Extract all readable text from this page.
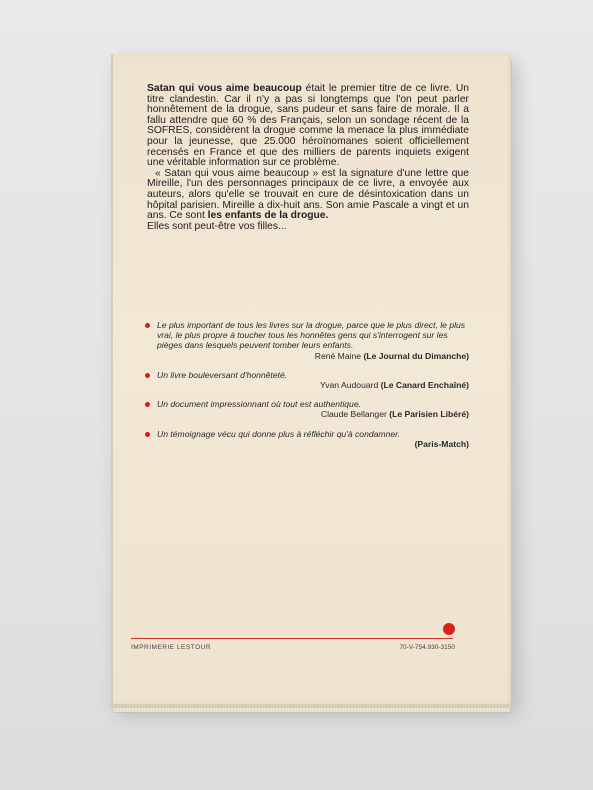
Satan qui vous aime beaucoup était le premier titre de ce livre. Un titre clandestin. Car il n'y a pas si longtemps que l'on peut parler honnêtement de la drogue, sans pudeur et sans faire de morale. Il a fallu attendre que 60 % des Français, selon un sondage récent de la SOFRES, considèrent la drogue comme la menace la plus immédiate pour la jeunesse, que 25.000 héroïnomanes soient officiellement recensés en France et que des milliers de parents inquiets exigent une véritable information sur ce problème.

« Satan qui vous aime beaucoup » est la signature d'une lettre que Mireille, l'un des personnages principaux de ce livre, a envoyée aux auteurs, alors qu'elle se trouvait en cure de désintoxication dans un hôpital parisien. Mireille a dix-huit ans. Son amie Pascale a vingt et un ans. Ce sont les enfants de la drogue.

Elles sont peut-être vos filles...

Le plus important de tous les livres sur la drogue, parce que le plus direct, le plus vrai, le plus propre à toucher tous les honnêtes gens qui s'interrogent sur les pièges dans lesquels peuvent tomber leurs enfants.
René Maine (Le Journal du Dimanche)
Un livre bouleversant d'honnêteté.
Yvan Audouard (Le Canard Enchaîné)
Un document impressionnant où tout est authentique.
Claude Bellanger (Le Parisien Libéré)
Un témoignage vécu qui donne plus à réfléchir qu'à condamner.
(Paris-Match)
IMPRIMERIE LESTOUR	70-V-754.930-3150
